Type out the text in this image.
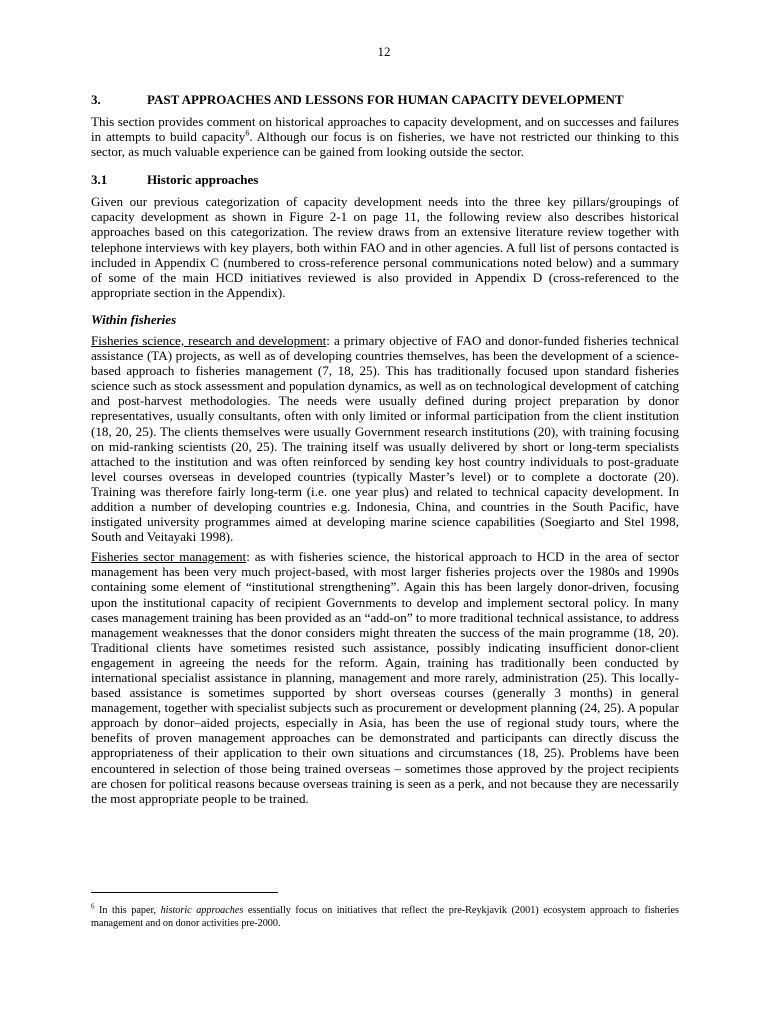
12
3.	PAST APPROACHES AND LESSONS FOR HUMAN CAPACITY DEVELOPMENT

This section provides comment on historical approaches to capacity development, and on successes and failures in attempts to build capacity$^6$. Although our focus is on fisheries, we have not restricted our thinking to this sector, as much valuable experience can be gained from looking outside the sector.

3.1	Historic approaches

Given our previous categorization of capacity development needs into the three key pillars/groupings of capacity development as shown in Figure 2-1 on page 11, the following review also describes historical approaches based on this categorization. The review draws from an extensive literature review together with telephone interviews with key players, both within FAO and in other agencies. A full list of persons contacted is included in Appendix C (numbered to cross-reference personal communications noted below) and a summary of some of the main HCD initiatives reviewed is also provided in Appendix D (cross-referenced to the appropriate section in the Appendix).

Within fisheries

Fisheries science, research and development: a primary objective of FAO and donor-funded fisheries technical assistance (TA) projects, as well as of developing countries themselves, has been the development of a science-based approach to fisheries management (7, 18, 25). This has traditionally focused upon standard fisheries science such as stock assessment and population dynamics, as well as on technological development of catching and post-harvest methodologies. The needs were usually defined during project preparation by donor representatives, usually consultants, often with only limited or informal participation from the client institution (18, 20, 25). The clients themselves were usually Government research institutions (20), with training focusing on mid-ranking scientists (20, 25). The training itself was usually delivered by short or long-term specialists attached to the institution and was often reinforced by sending key host country individuals to post-graduate level courses overseas in developed countries (typically Master’s level) or to complete a doctorate (20). Training was therefore fairly long-term (i.e. one year plus) and related to technical capacity development. In addition a number of developing countries e.g. Indonesia, China, and countries in the South Pacific, have instigated university programmes aimed at developing marine science capabilities (Soegiarto and Stel 1998, South and Veitayaki 1998).

Fisheries sector management: as with fisheries science, the historical approach to HCD in the area of sector management has been very much project-based, with most larger fisheries projects over the 1980s and 1990s containing some element of “institutional strengthening”. Again this has been largely donor-driven, focusing upon the institutional capacity of recipient Governments to develop and implement sectoral policy. In many cases management training has been provided as an “add-on” to more traditional technical assistance, to address management weaknesses that the donor considers might threaten the success of the main programme (18, 20). Traditional clients have sometimes resisted such assistance, possibly indicating insufficient donor-client engagement in agreeing the needs for the reform. Again, training has traditionally been conducted by international specialist assistance in planning, management and more rarely, administration (25). This locally-based assistance is sometimes supported by short overseas courses (generally 3 months) in general management, together with specialist subjects such as procurement or development planning (24, 25). A popular approach by donor–aided projects, especially in Asia, has been the use of regional study tours, where the benefits of proven management approaches can be demonstrated and participants can directly discuss the appropriateness of their application to their own situations and circumstances (18, 25). Problems have been encountered in selection of those being trained overseas – sometimes those approved by the project recipients are chosen for political reasons because overseas training is seen as a perk, and not because they are necessarily the most appropriate people to be trained.

$^6$ In this paper, historic approaches essentially focus on initiatives that reflect the pre-Reykjavik (2001) ecosystem approach to fisheries management and on donor activities pre-2000.
